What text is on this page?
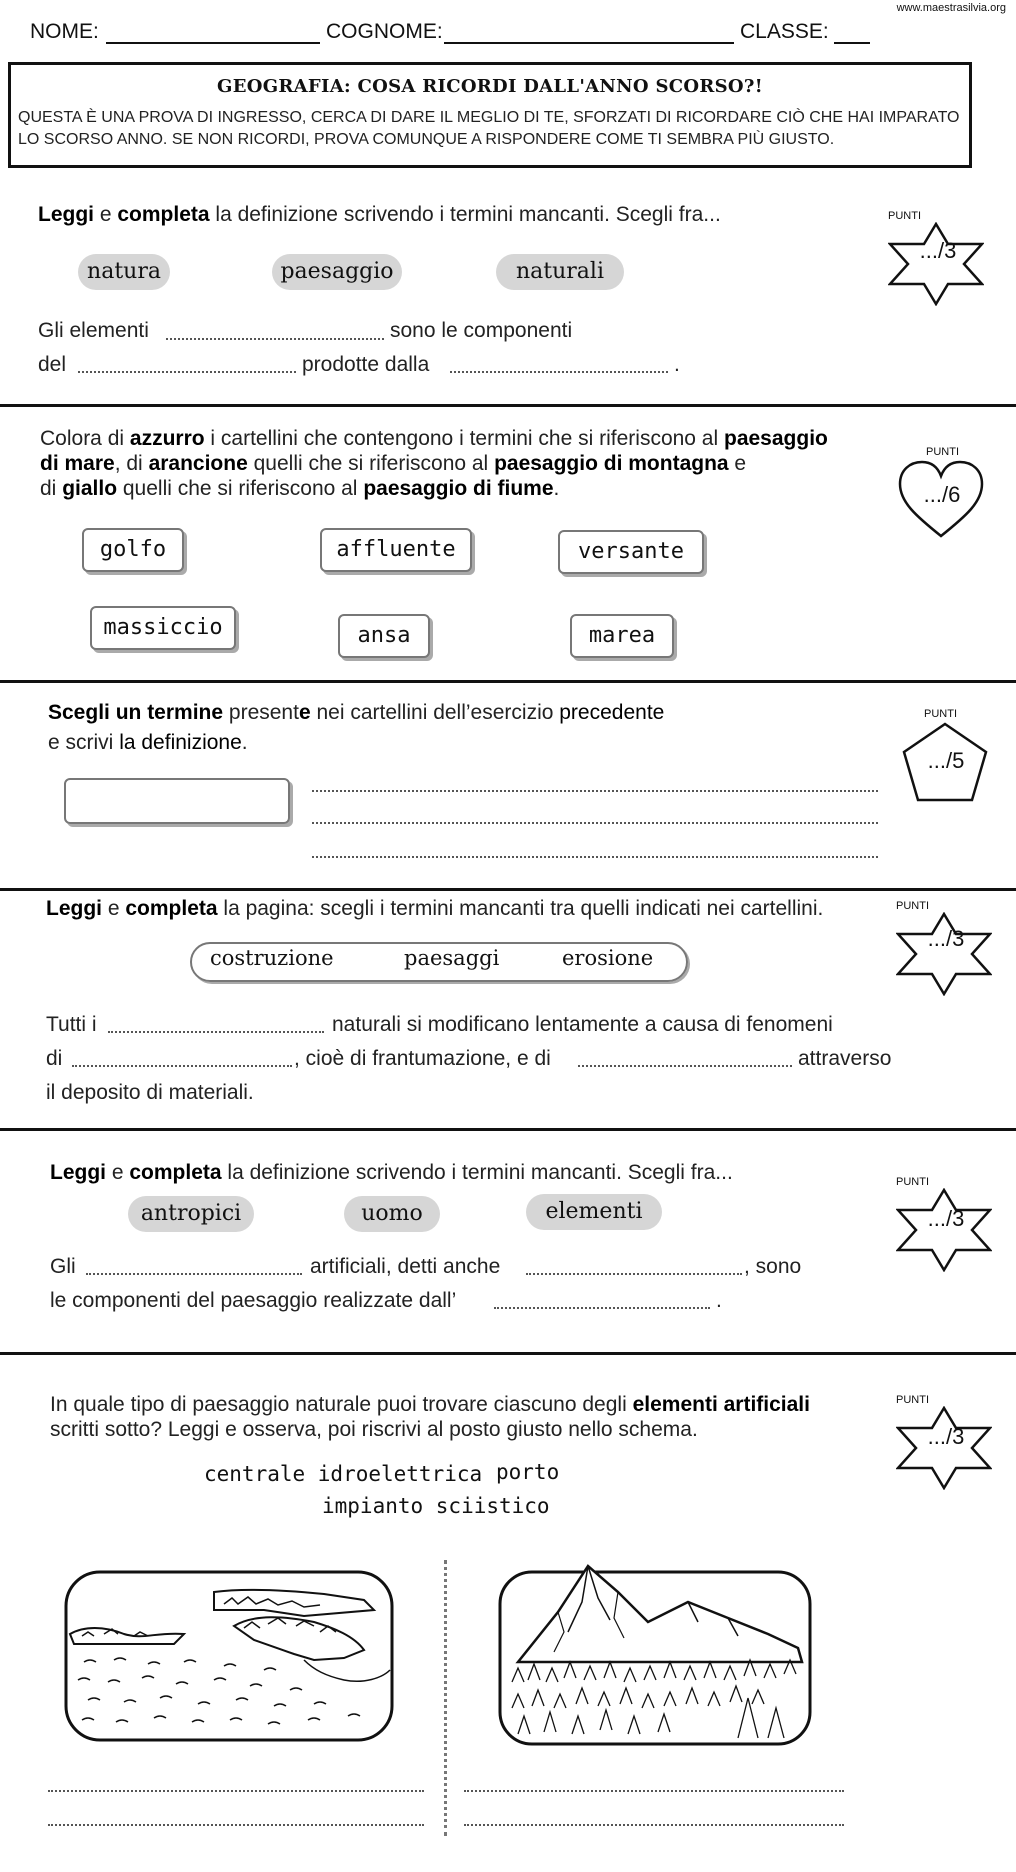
www.maestrasilvia.org
NOME:	COGNOME:	CLASSE:
GEOGRAFIA: COSA RICORDI DALL'ANNO SCORSO?!
QUESTA È UNA PROVA DI INGRESSO, CERCA DI DARE IL MEGLIO DI TE, SFORZATI DI RICORDARE CIÒ CHE HAI IMPARATO
LO SCORSO ANNO. SE NON RICORDI, PROVA COMUNQUE A RISPONDERE COME TI SEMBRA PIÙ GIUSTO.
Leggi e completa la definizione scrivendo i termini mancanti. Scegli fra...
natura	paesaggio	naturali
Gli elementi	sono le componenti
del	prodotte dalla	.
PUNTI
.../3
Colora di azzurro i cartellini che contengono i termini che si riferiscono al paesaggio
di mare, di arancione quelli che si riferiscono al paesaggio di montagna e
di giallo quelli che si riferiscono al paesaggio di fiume.
PUNTI
.../6
golfo	affluente	versante
massiccio	ansa	marea
Scegli un termine presente nei cartellini dell’esercizio precedente
e scrivi la definizione.
PUNTI
.../5
Leggi e completa la pagina: scegli i termini mancanti tra quelli indicati nei cartellini.
costruzione	paesaggi	erosione
Tutti i	naturali si modificano lentamente a causa di fenomeni
di	, cioè di frantumazione, e di	attraverso
il deposito di materiali.
PUNTI
.../3
Leggi e completa la definizione scrivendo i termini mancanti. Scegli fra...
antropici	uomo	elementi
Gli	artificiali, detti anche	, sono
le componenti del paesaggio realizzate dall’	.
PUNTI
.../3
In quale tipo di paesaggio naturale puoi trovare ciascuno degli elementi artificiali
scritti sotto? Leggi e osserva, poi riscrivi al posto giusto nello schema.
PUNTI
.../3
centrale idroelettrica porto
impianto sciistico
